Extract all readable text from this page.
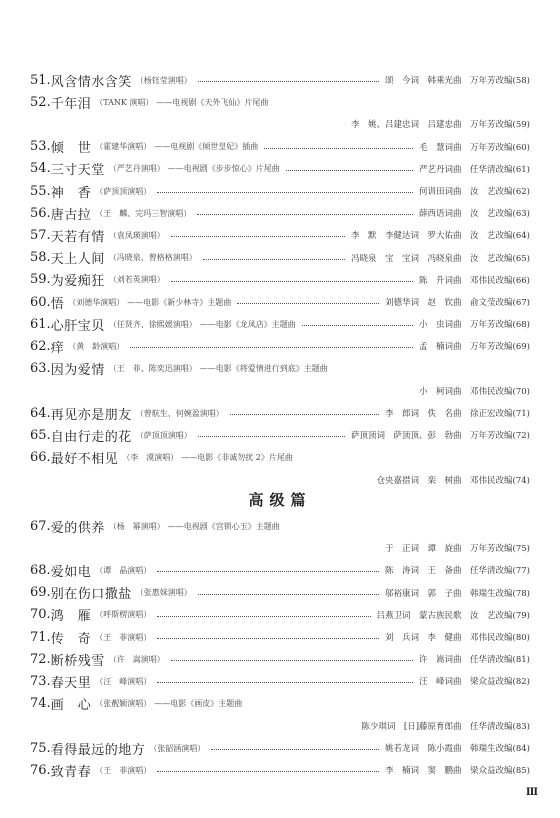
51. 风含情水含笑 （杨钰莹演唱）	颂　今词　韩乘光曲　万年芳改编(58)
52. 千年泪 （TANK 演唱） ——电视剧《天外飞仙》片尾曲
李　姚、吕建忠词　吕建忠曲　万年芳改编(59)
53. 倾　世 （霍建华演唱） ——电视剧《倾世皇妃》插曲	毛　慧词曲　万年芳改编(60)
54. 三寸天堂 （严艺丹演唱） ——电视剧《步步惊心》片尾曲	严艺丹词曲　任华清改编(61)
55. 神　香 （萨顶顶演唱）	何训田词曲　汝　艺改编(62)
56. 唐古拉 （王　麟、完玛三智演唱）	薛西语词曲　汝　艺改编(63)
57. 天若有情 （袁凤瑛演唱）	李　默　李健达词　罗大佑曲　汝　艺改编(64)
58. 天上人间 （冯晓泉、曾格格演唱）	冯晓泉　宝　宝词　冯晓泉曲　汝　艺改编(65)
59. 为爱痴狂 （刘若英演唱）	陈　升词曲　邓伟民改编(66)
60. 悟 （刘德华演唱） ——电影《新少林寺》主题曲	刘德华词　赵　钦曲　俞文莹改编(67)
61. 心肝宝贝 （任贤齐、徐熙媛演唱） ——电影《龙凤店》主题曲	小　虫词曲　万年芳改编(68)
62. 痒 （黄　龄演唱）	孟　楠词曲　万年芳改编(69)
63. 因为爱情 （王　菲、陈奕迅演唱） ——电影《将爱情进行到底》主题曲
小　柯词曲　邓伟民改编(70)
64. 再见亦是朋友 （曾航生、何婉盈演唱）	李　郎词　佚　名曲　徐正宏改编(71)
65. 自由行走的花 （萨顶顶演唱）	萨顶顶词　萨顶顶、彭　勃曲　万年芳改编(72)
66. 最好不相见 （李　漠演唱） ——电影《非诚勿扰 2》片尾曲
仓央嘉措词　栾　树曲　邓伟民改编(74)
高级篇
67. 爱的供养 （杨　幂演唱） ——电视剧《宫锁心玉》主题曲
于　正词　谭　旋曲　万年芳改编(75)
68. 爱如电 （谭　晶演唱）	陈　涛词　王　备曲　任华清改编(77)
69. 别在伤口撒盐 （张惠妹演唱）	邬裕康词　郭　子曲　韩瑞生改编(78)
70. 鸿　雁 （呼斯楞演唱）	吕燕卫词　蒙古族民歌　汝　艺改编(79)
71. 传　奇 （王　菲演唱）	刘　兵词　李　健曲　邓伟民改编(80)
72. 断桥残雪 （许　嵩演唱）	许　嵩词曲　任华清改编(81)
73. 春天里 （汪　峰演唱）	汪　峰词曲　梁众益改编(82)
74. 画　心 （张靓颖演唱） ——电影《画皮》主题曲
陈少琪词　[日]藤原育郎曲　任华清改编(83)
75. 看得最远的地方 （张韶涵演唱）	姚若龙词　陈小霞曲　韩瑞生改编(84)
76. 致青春 （王　菲演唱）	李　楠词　窦　鹏曲　梁众益改编(85)
Ⅲ
